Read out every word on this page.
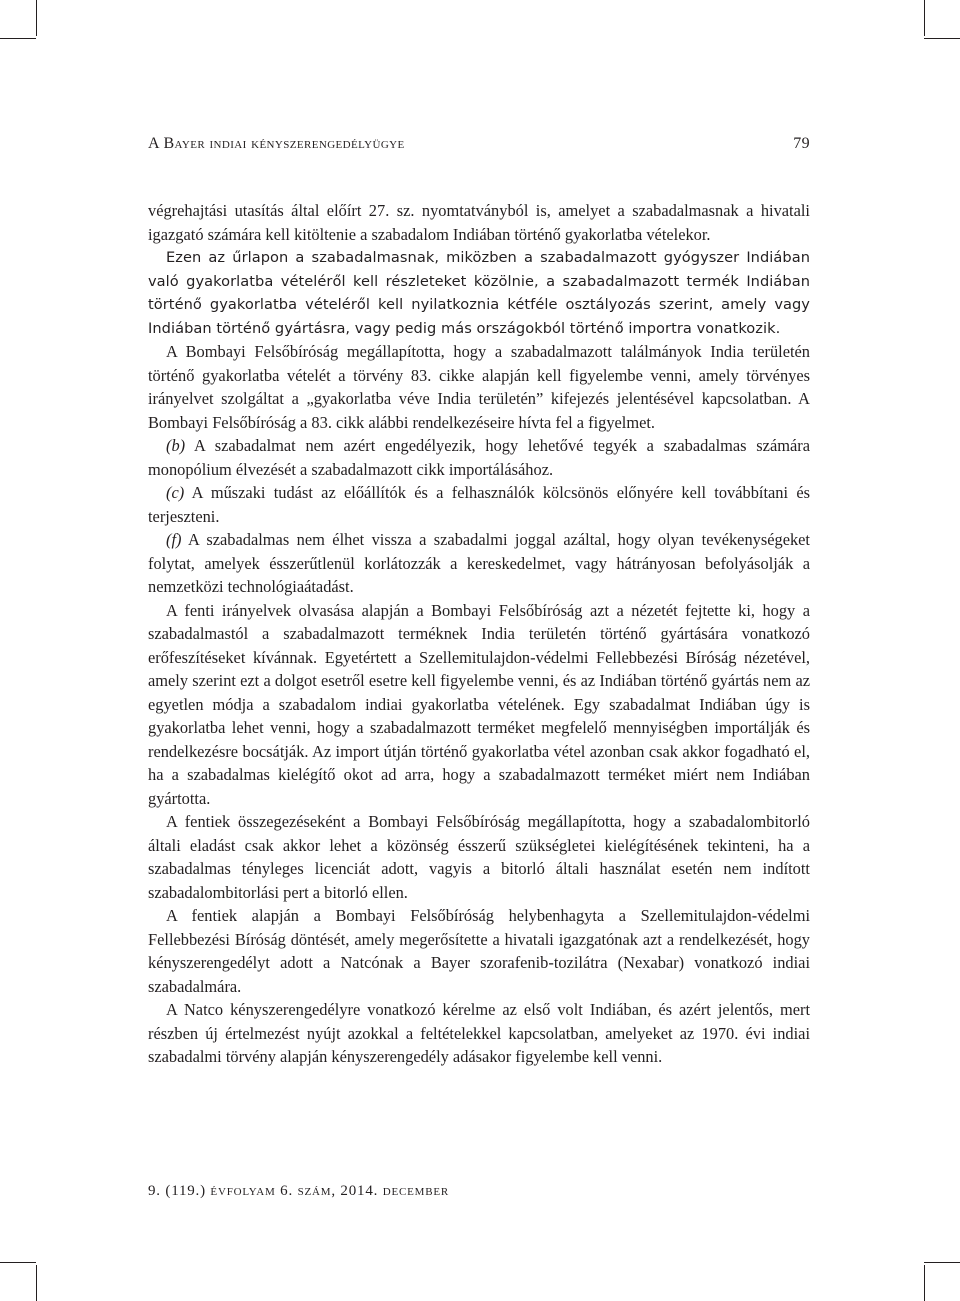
A Bayer indiai kényszerengedélyügye	79

végrehajtási utasítás által előírt 27. sz. nyomtatványból is, amelyet a szabadalmasnak a hivatali igazgató számára kell kitöltenie a szabadalom Indiában történő gyakorlatba vételekor.

Ezen az űrlapon a szabadalmasnak, miközben a szabadalmazott gyógyszer Indiában való gyakorlatba vételéről kell részleteket közölnie, a szabadalmazott termék Indiában történő gyakorlatba vételéről kell nyilatkoznia kétféle osztályozás szerint, amely vagy Indiában történő gyártásra, vagy pedig más országokból történő importra vonatkozik.

A Bombayi Felsőbíróság megállapította, hogy a szabadalmazott találmányok India területén történő gyakorlatba vételét a törvény 83. cikke alapján kell figyelembe venni, amely törvényes irányelvet szolgáltat a „gyakorlatba véve India területén” kifejezés jelentésével kapcsolatban. A Bombayi Felsőbíróság a 83. cikk alábbi rendelkezéseire hívta fel a figyelmet.

(b) A szabadalmat nem azért engedélyezik, hogy lehetővé tegyék a szabadalmas számára monopólium élvezését a szabadalmazott cikk importálásához.

(c) A műszaki tudást az előállítók és a felhasználók kölcsönös előnyére kell továbbítani és terjeszteni.

(f) A szabadalmas nem élhet vissza a szabadalmi joggal azáltal, hogy olyan tevékenységeket folytat, amelyek ésszerűtlenül korlátozzák a kereskedelmet, vagy hátrányosan befolyásolják a nemzetközi technológiaátadást.

A fenti irányelvek olvasása alapján a Bombayi Felsőbíróság azt a nézetét fejtette ki, hogy a szabadalmastól a szabadalmazott terméknek India területén történő gyártására vonatkozó erőfeszítéseket kívánnak. Egyetértett a Szellemitulajdon-védelmi Fellebbezési Bíróság nézetével, amely szerint ezt a dolgot esetről esetre kell figyelembe venni, és az Indiában történő gyártás nem az egyetlen módja a szabadalom indiai gyakorlatba vételének. Egy szabadalmat Indiában úgy is gyakorlatba lehet venni, hogy a szabadalmazott terméket megfelelő mennyiségben importálják és rendelkezésre bocsátják. Az import útján történő gyakorlatba vétel azonban csak akkor fogadható el, ha a szabadalmas kielégítő okot ad arra, hogy a szabadalmazott terméket miért nem Indiában gyártotta.

A fentiek összegezéseként a Bombayi Felsőbíróság megállapította, hogy a szabadalombitorló általi eladást csak akkor lehet a közönség ésszerű szükségletei kielégítésének tekinteni, ha a szabadalmas tényleges licenciát adott, vagyis a bitorló általi használat esetén nem indított szabadalombitorlási pert a bitorló ellen.

A fentiek alapján a Bombayi Felsőbíróság helybenhagyta a Szellemitulajdon-védelmi Fellebbezési Bíróság döntését, amely megerősítette a hivatali igazgatónak azt a rendelkezését, hogy kényszerengedélyt adott a Natcónak a Bayer szorafenib-tozilátra (Nexabar) vonatkozó indiai szabadalmára.

A Natco kényszerengedélyre vonatkozó kérelme az első volt Indiában, és azért jelentős, mert részben új értelmezést nyújt azokkal a feltételekkel kapcsolatban, amelyeket az 1970. évi indiai szabadalmi törvény alapján kényszerengedély adásakor figyelembe kell venni.

9. (119.) évfolyam 6. szám, 2014. december
